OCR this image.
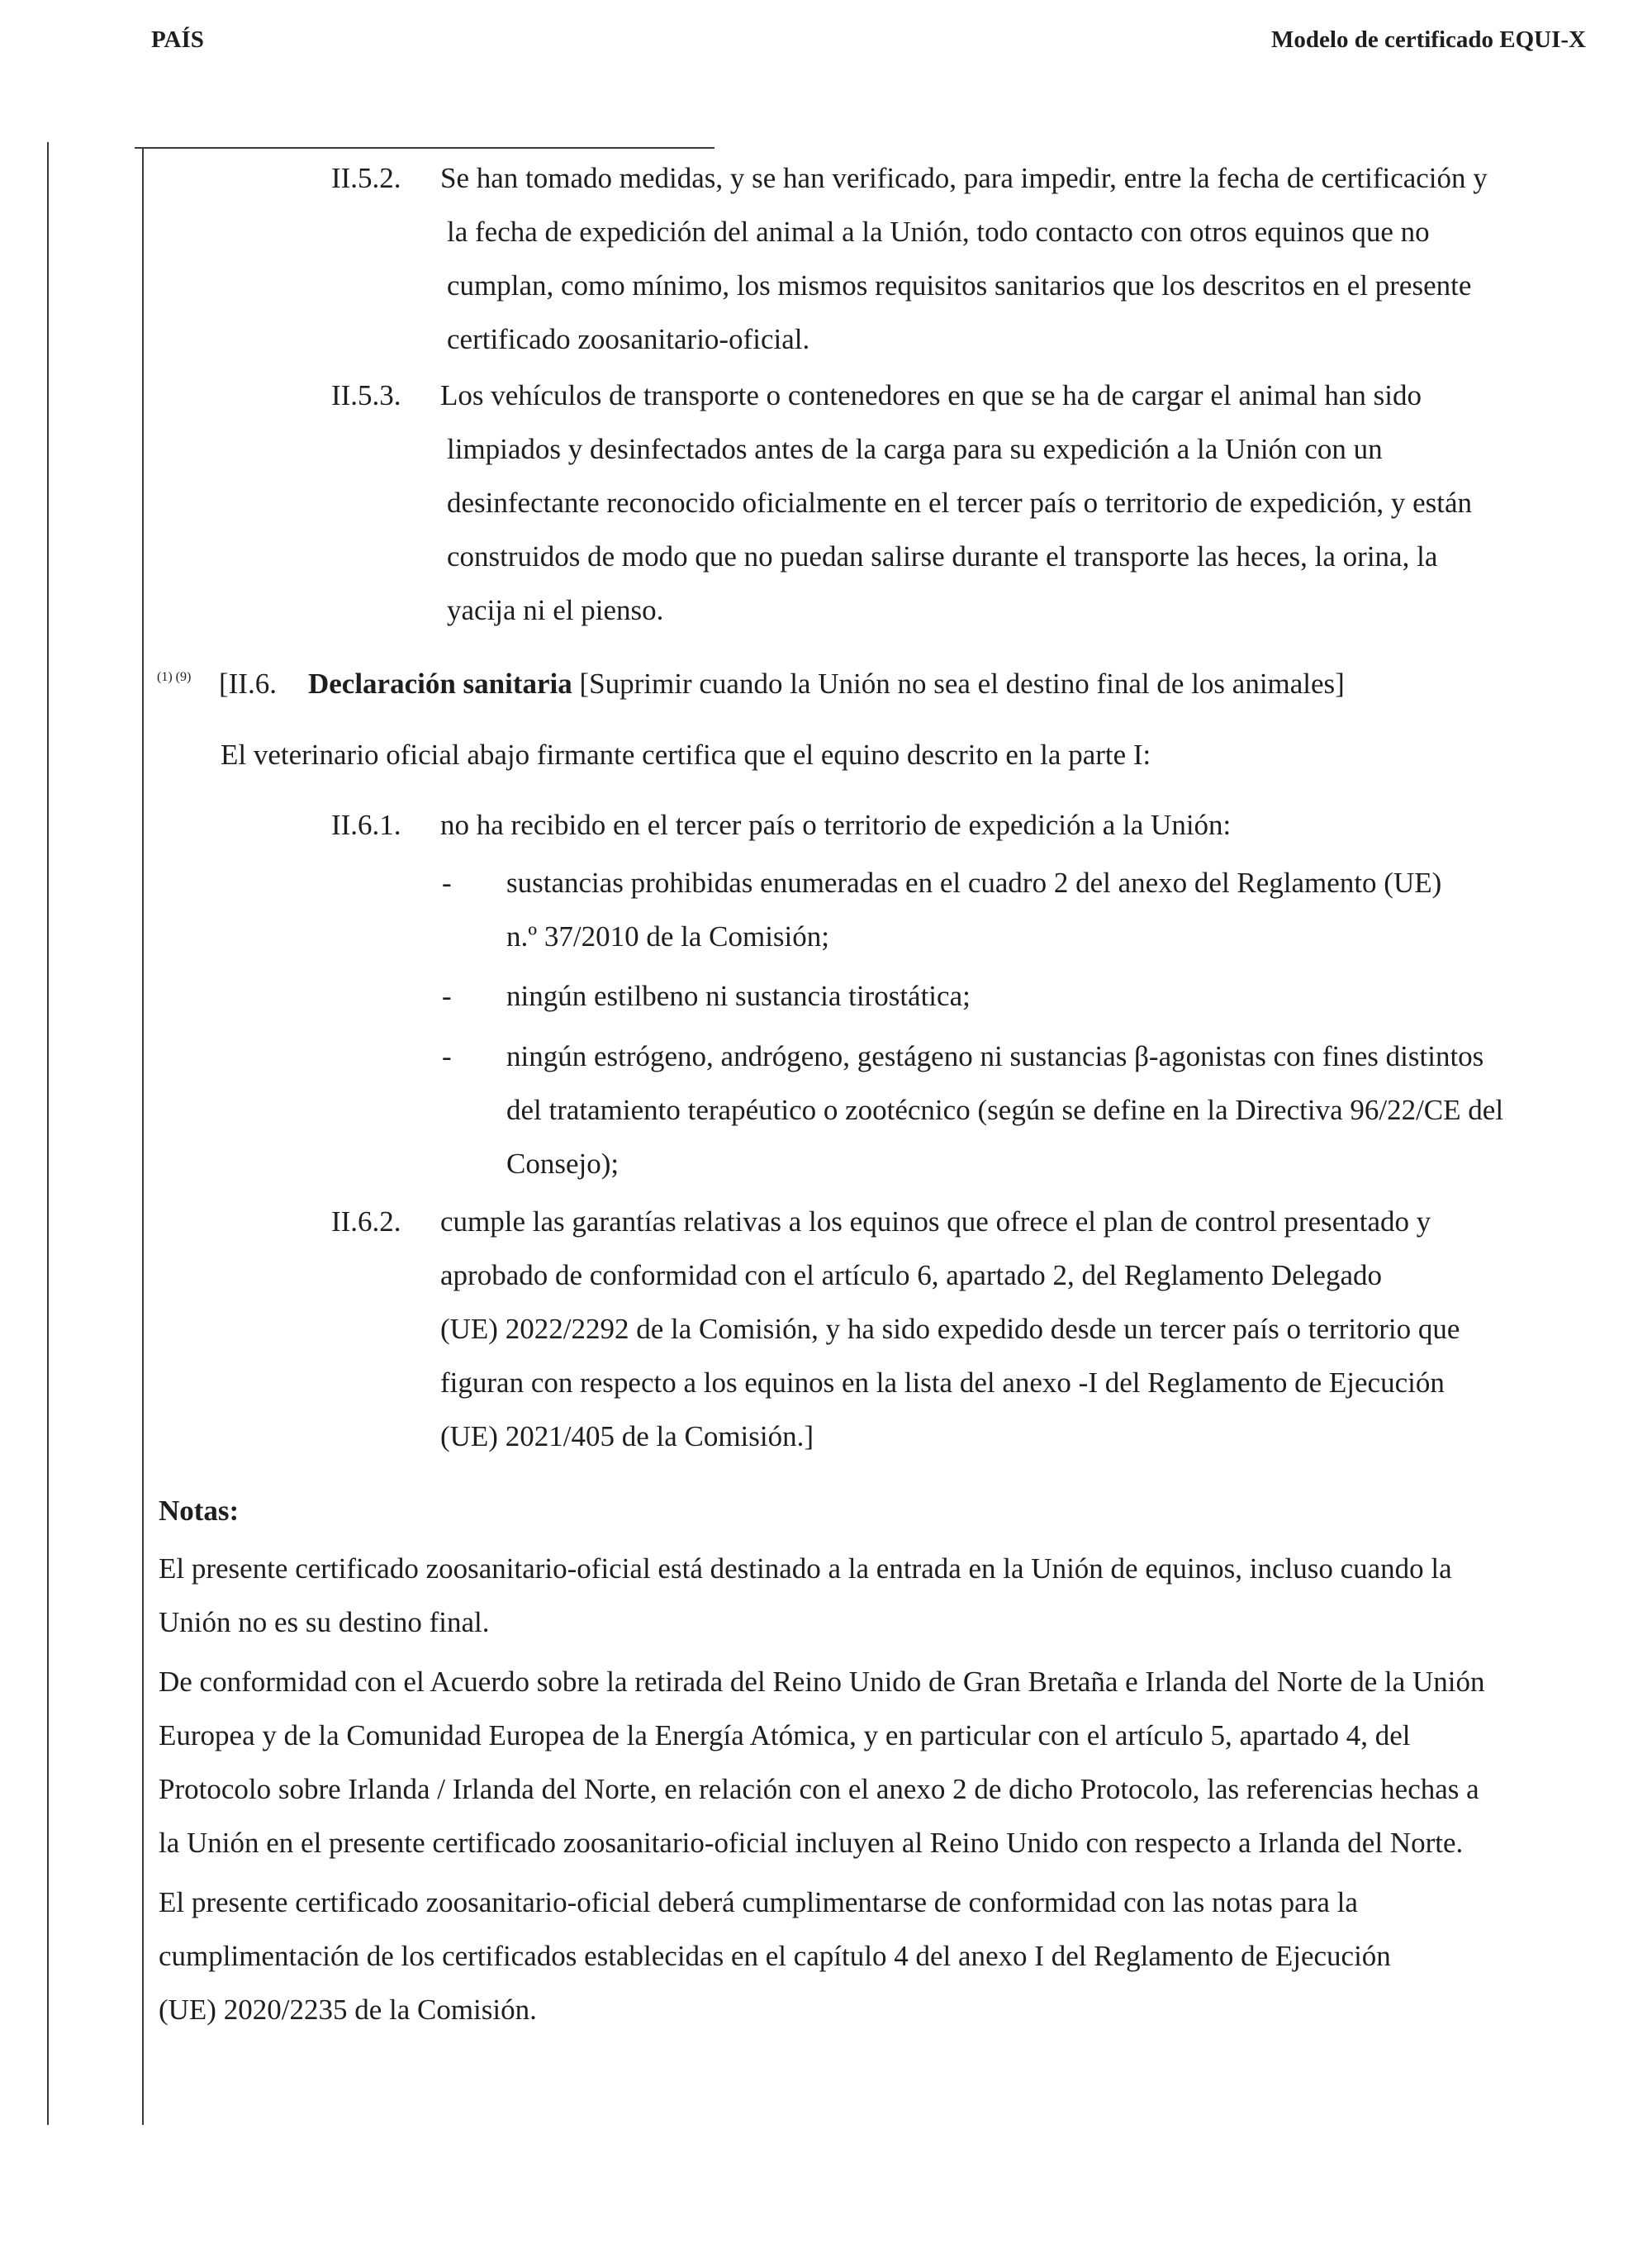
PAÍS	Modelo de certificado EQUI-X
II.5.2. Se han tomado medidas, y se han verificado, para impedir, entre la fecha de certificación y
la fecha de expedición del animal a la Unión, todo contacto con otros equinos que no
cumplan, como mínimo, los mismos requisitos sanitarios que los descritos en el presente
certificado zoosanitario-oficial.
II.5.3. Los vehículos de transporte o contenedores en que se ha de cargar el animal han sido
limpiados y desinfectados antes de la carga para su expedición a la Unión con un
desinfectante reconocido oficialmente en el tercer país o territorio de expedición, y están
construidos de modo que no puedan salirse durante el transporte las heces, la orina, la
yacija ni el pienso.
(1) (9) [II.6. Declaración sanitaria [Suprimir cuando la Unión no sea el destino final de los animales]
El veterinario oficial abajo firmante certifica que el equino descrito en la parte I:
II.6.1. no ha recibido en el tercer país o territorio de expedición a la Unión:
- sustancias prohibidas enumeradas en el cuadro 2 del anexo del Reglamento (UE)
n.º 37/2010 de la Comisión;
- ningún estilbeno ni sustancia tirostática;
- ningún estrógeno, andrógeno, gestágeno ni sustancias β-agonistas con fines distintos
del tratamiento terapéutico o zootécnico (según se define en la Directiva 96/22/CE del
Consejo);
II.6.2. cumple las garantías relativas a los equinos que ofrece el plan de control presentado y
aprobado de conformidad con el artículo 6, apartado 2, del Reglamento Delegado
(UE) 2022/2292 de la Comisión, y ha sido expedido desde un tercer país o territorio que
figuran con respecto a los equinos en la lista del anexo -I del Reglamento de Ejecución
(UE) 2021/405 de la Comisión.]
Notas:
El presente certificado zoosanitario-oficial está destinado a la entrada en la Unión de equinos, incluso cuando la
Unión no es su destino final.
De conformidad con el Acuerdo sobre la retirada del Reino Unido de Gran Bretaña e Irlanda del Norte de la Unión
Europea y de la Comunidad Europea de la Energía Atómica, y en particular con el artículo 5, apartado 4, del
Protocolo sobre Irlanda / Irlanda del Norte, en relación con el anexo 2 de dicho Protocolo, las referencias hechas a
la Unión en el presente certificado zoosanitario-oficial incluyen al Reino Unido con respecto a Irlanda del Norte.
El presente certificado zoosanitario-oficial deberá cumplimentarse de conformidad con las notas para la
cumplimentación de los certificados establecidas en el capítulo 4 del anexo I del Reglamento de Ejecución
(UE) 2020/2235 de la Comisión.
